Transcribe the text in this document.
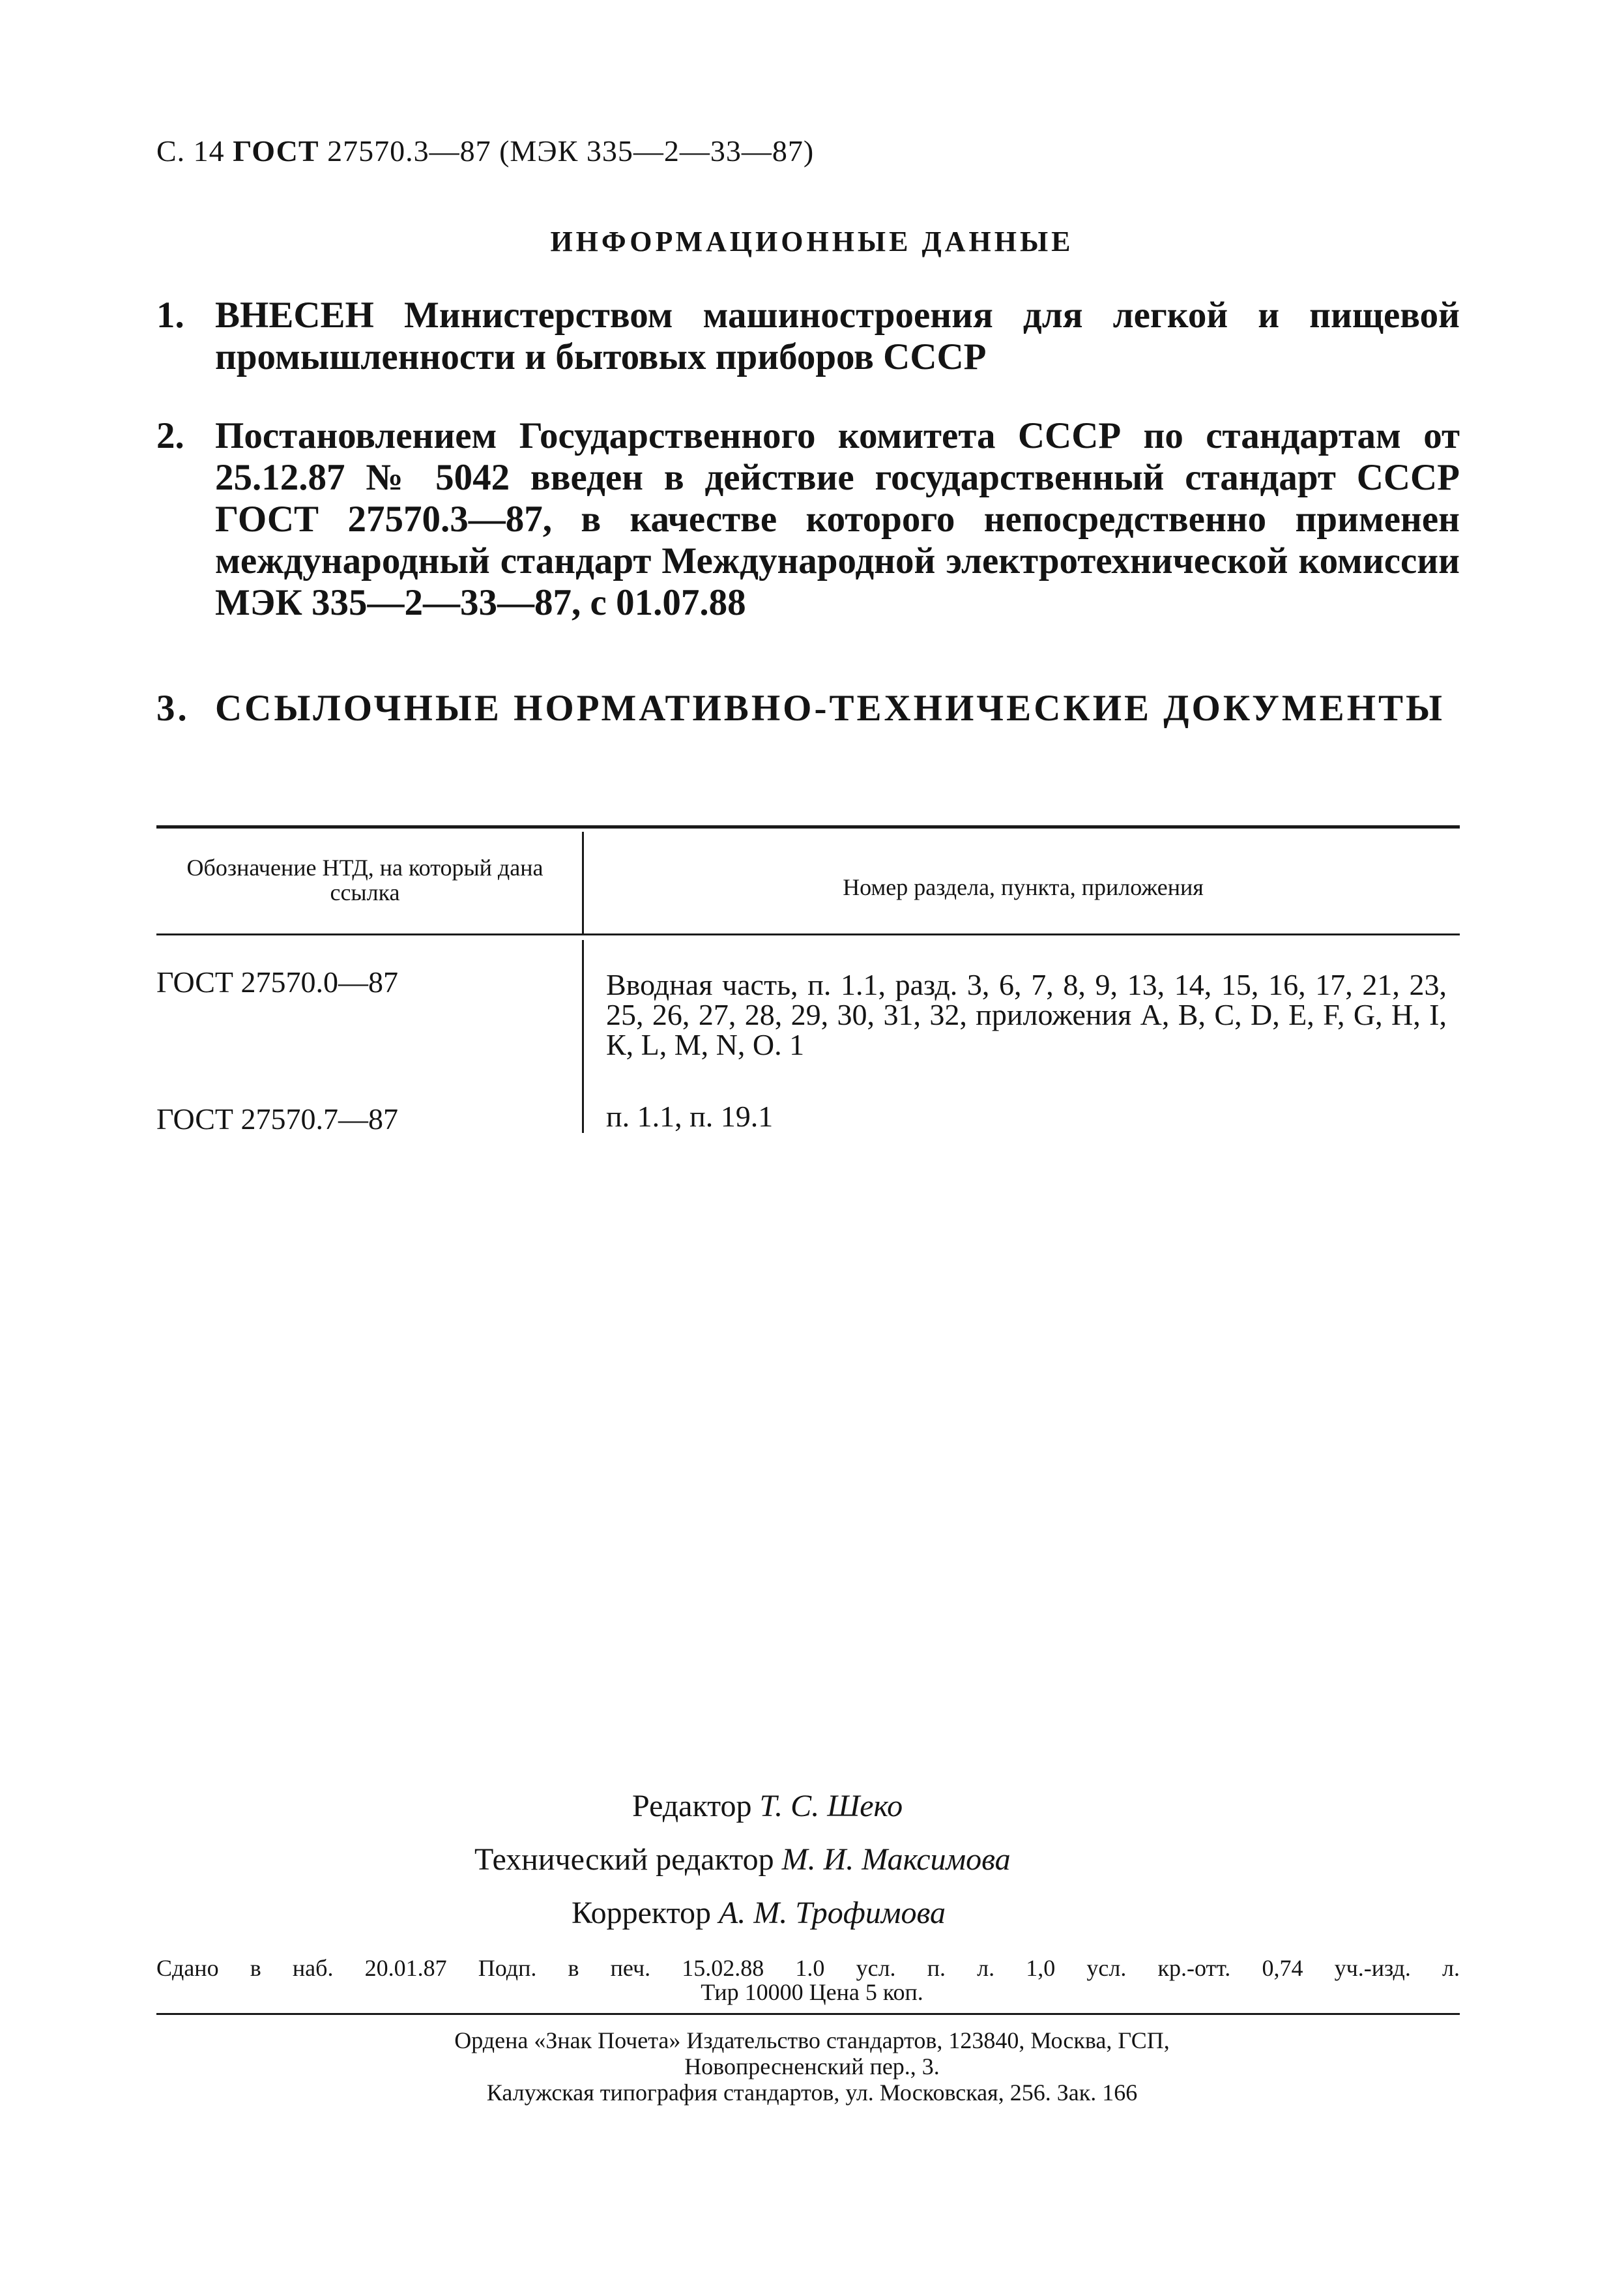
С. 14 ГОСТ 27570.3—87 (МЭК 335—2—33—87)
ИНФОРМАЦИОННЫЕ ДАННЫЕ
1. ВНЕСЕН Министерством машиностроения для легкой и пищевой промышленности и бытовых приборов СССР
2. Постановлением Государственного комитета СССР по стандартам от 25.12.87 № 5042 введен в действие государственный стандарт СССР ГОСТ 27570.3—87, в качестве которого непосредственно применен международный стандарт Международной электротехнической комиссии МЭК 335—2—33—87, с 01.07.88
3. ССЫЛОЧНЫЕ НОРМАТИВНО-ТЕХНИЧЕСКИЕ ДОКУМЕНТЫ
Обозначение НТД, на который дана ссылка	Номер раздела, пункта, приложения
ГОСТ 27570.0—87	Вводная часть, п. 1.1, разд. 3, 6, 7, 8, 9, 13, 14, 15, 16, 17, 21, 23, 25, 26, 27, 28, 29, 30, 31, 32, приложения А, В, С, D, Е, F, G, Н, I, К, L, М, N, О. 1
ГОСТ 27570.7—87	п. 1.1, п. 19.1
Редактор Т. С. Шеко
Технический редактор М. И. Максимова
Корректор А. М. Трофимова
Сдано в наб. 20.01.87 Подп. в печ. 15.02.88 1.0 усл. п. л. 1,0 усл. кр.-отт. 0,74 уч.-изд. л.
Тир 10000 Цена 5 коп.
Ордена «Знак Почета» Издательство стандартов, 123840, Москва, ГСП,
Новопресненский пер., 3.
Калужская типография стандартов, ул. Московская, 256. Зак. 166
